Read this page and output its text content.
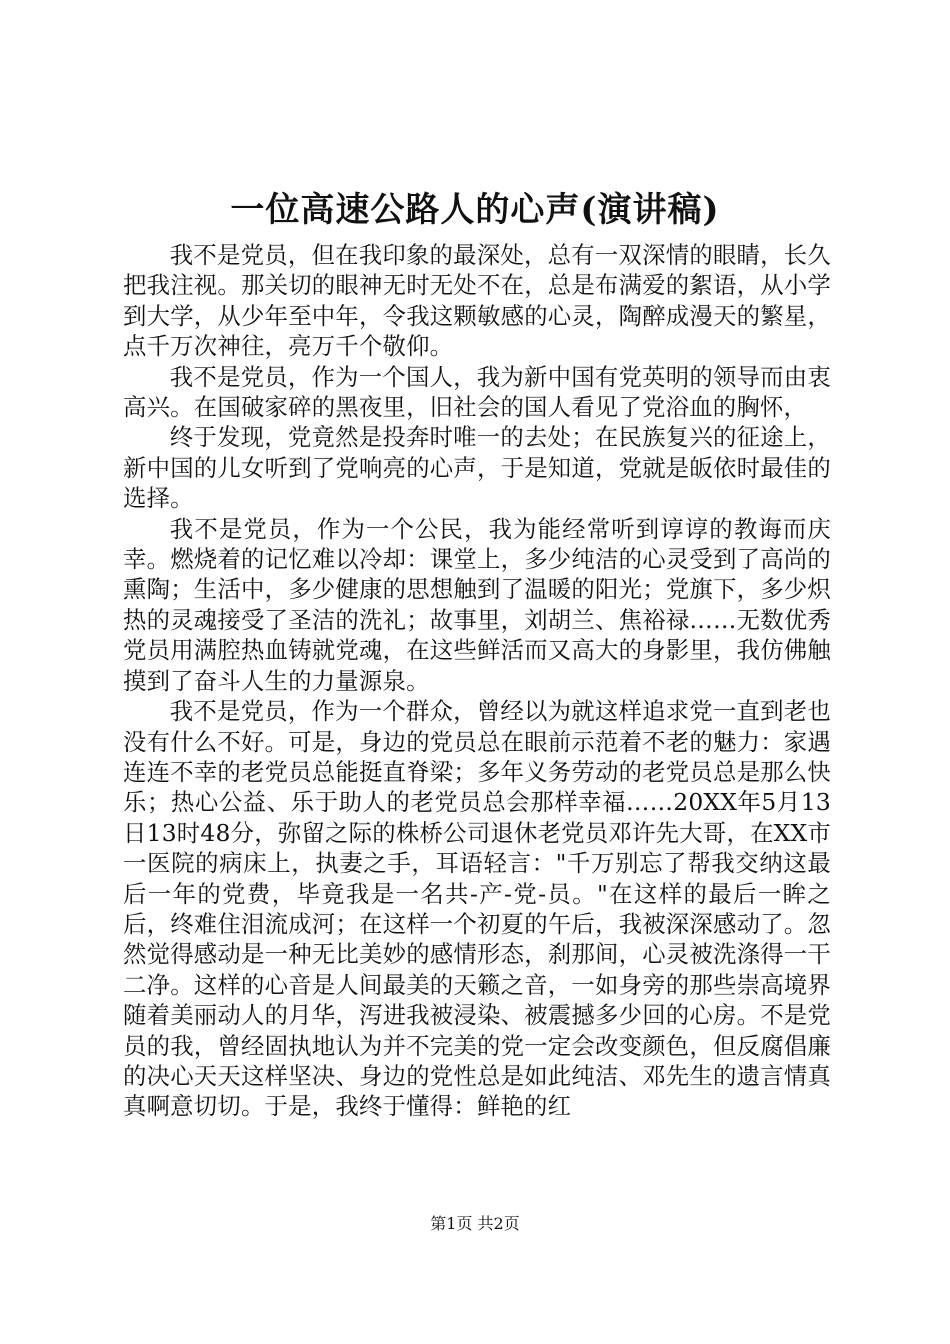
一位高速公路人的心声(演讲稿)

我不是党员，但在我印象的最深处，总有一双深情的眼睛，长久把我注视。那关切的眼神无时无处不在，总是布满爱的絮语，从小学到大学，从少年至中年，令我这颗敏感的心灵，陶醉成漫天的繁星，点千万次神往，亮万千个敬仰。

我不是党员，作为一个国人，我为新中国有党英明的领导而由衷高兴。在国破家碎的黑夜里，旧社会的国人看见了党浴血的胸怀，

终于发现，党竟然是投奔时唯一的去处；在民族复兴的征途上，新中国的儿女听到了党响亮的心声，于是知道，党就是皈依时最佳的选择。

我不是党员，作为一个公民，我为能经常听到谆谆的教诲而庆幸。燃烧着的记忆难以冷却：课堂上，多少纯洁的心灵受到了高尚的熏陶；生活中，多少健康的思想触到了温暖的阳光；党旗下，多少炽热的灵魂接受了圣洁的洗礼；故事里，刘胡兰、焦裕禄……无数优秀党员用满腔热血铸就党魂，在这些鲜活而又高大的身影里，我仿佛触摸到了奋斗人生的力量源泉。

我不是党员，作为一个群众，曾经以为就这样追求党一直到老也没有什么不好。可是，身边的党员总在眼前示范着不老的魅力：家遇连连不幸的老党员总能挺直脊梁；多年义务劳动的老党员总是那么快乐；热心公益、乐于助人的老党员总会那样幸福……20XX年5月13日13时48分，弥留之际的株桥公司退休老党员邓许先大哥，在XX市一医院的病床上，执妻之手，耳语轻言："千万别忘了帮我交纳这最后一年的党费，毕竟我是一名共-产-党-员。"在这样的最后一眸之后，终难住泪流成河；在这样一个初夏的午后，我被深深感动了。忽然觉得感动是一种无比美妙的感情形态，刹那间，心灵被洗涤得一干二净。这样的心音是人间最美的天籁之音，一如身旁的那些崇高境界随着美丽动人的月华，泻进我被浸染、被震撼多少回的心房。不是党员的我，曾经固执地认为并不完美的党一定会改变颜色，但反腐倡廉的决心天天这样坚决、身边的党性总是如此纯洁、邓先生的遗言情真真啊意切切。于是，我终于懂得：鲜艳的红

第1页 共2页
